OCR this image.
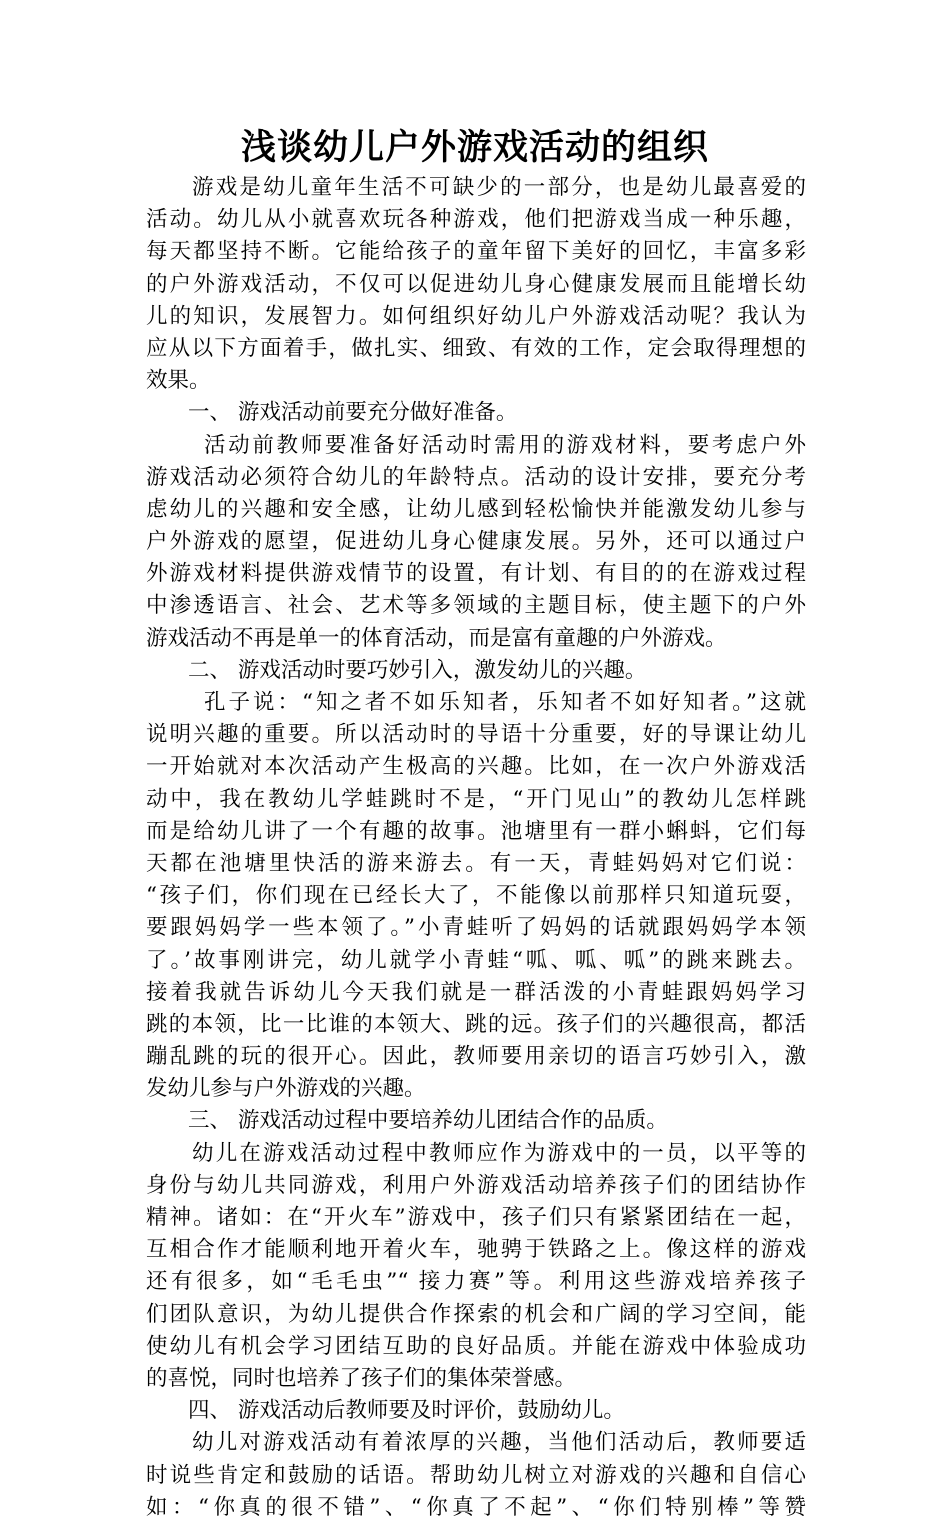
浅谈幼儿户外游戏活动的组织
游戏是幼儿童年生活不可缺少的一部分，也是幼儿最喜爱的
活动。幼儿从小就喜欢玩各种游戏，他们把游戏当成一种乐趣，
每天都坚持不断。它能给孩子的童年留下美好的回忆，丰富多彩
的户外游戏活动，不仅可以促进幼儿身心健康发展而且能增长幼
儿的知识，发展智力。如何组织好幼儿户外游戏活动呢？我认为
应从以下方面着手，做扎实、细致、有效的工作，定会取得理想的
效果。
一、 游戏活动前要充分做好准备。
活动前教师要准备好活动时需用的游戏材料，要考虑户外
游戏活动必须符合幼儿的年龄特点。活动的设计安排，要充分考
虑幼儿的兴趣和安全感，让幼儿感到轻松愉快并能激发幼儿参与
户外游戏的愿望，促进幼儿身心健康发展。另外，还可以通过户
外游戏材料提供游戏情节的设置，有计划、有目的的在游戏过程
中渗透语言、社会、艺术等多领域的主题目标，使主题下的户外
游戏活动不再是单一的体育活动，而是富有童趣的户外游戏。
二、 游戏活动时要巧妙引入，激发幼儿的兴趣。
孔子说：“知之者不如乐知者，乐知者不如好知者。”这就
说明兴趣的重要。所以活动时的导语十分重要，好的导课让幼儿
一开始就对本次活动产生极高的兴趣。比如，在一次户外游戏活
动中，我在教幼儿学蛙跳时不是，“开门见山”的教幼儿怎样跳
而是给幼儿讲了一个有趣的故事。池塘里有一群小蝌蚪，它们每
天都在池塘里快活的游来游去。有一天，青蛙妈妈对它们说：
“孩子们，你们现在已经长大了，不能像以前那样只知道玩耍，
要跟妈妈学一些本领了。”小青蛙听了妈妈的话就跟妈妈学本领
了。’故事刚讲完，幼儿就学小青蛙“呱、呱、呱”的跳来跳去。
接着我就告诉幼儿今天我们就是一群活泼的小青蛙跟妈妈学习
跳的本领，比一比谁的本领大、跳的远。孩子们的兴趣很高，都活
蹦乱跳的玩的很开心。因此，教师要用亲切的语言巧妙引入，激
发幼儿参与户外游戏的兴趣。
三、 游戏活动过程中要培养幼儿团结合作的品质。
幼儿在游戏活动过程中教师应作为游戏中的一员，以平等的
身份与幼儿共同游戏，利用户外游戏活动培养孩子们的团结协作
精神。诸如：在“开火车”游戏中，孩子们只有紧紧团结在一起，
互相合作才能顺利地开着火车，驰骋于铁路之上。像这样的游戏
还有很多，如“毛毛虫”“ 接力赛”等。利用这些游戏培养孩子
们团队意识，为幼儿提供合作探索的机会和广阔的学习空间，能
使幼儿有机会学习团结互助的良好品质。并能在游戏中体验成功
的喜悦，同时也培养了孩子们的集体荣誉感。
四、 游戏活动后教师要及时评价，鼓励幼儿。
幼儿对游戏活动有着浓厚的兴趣，当他们活动后，教师要适
时说些肯定和鼓励的话语。帮助幼儿树立对游戏的兴趣和自信心
如：“你真的很不错”、“你真了不起”、“你们特别棒”等赞
